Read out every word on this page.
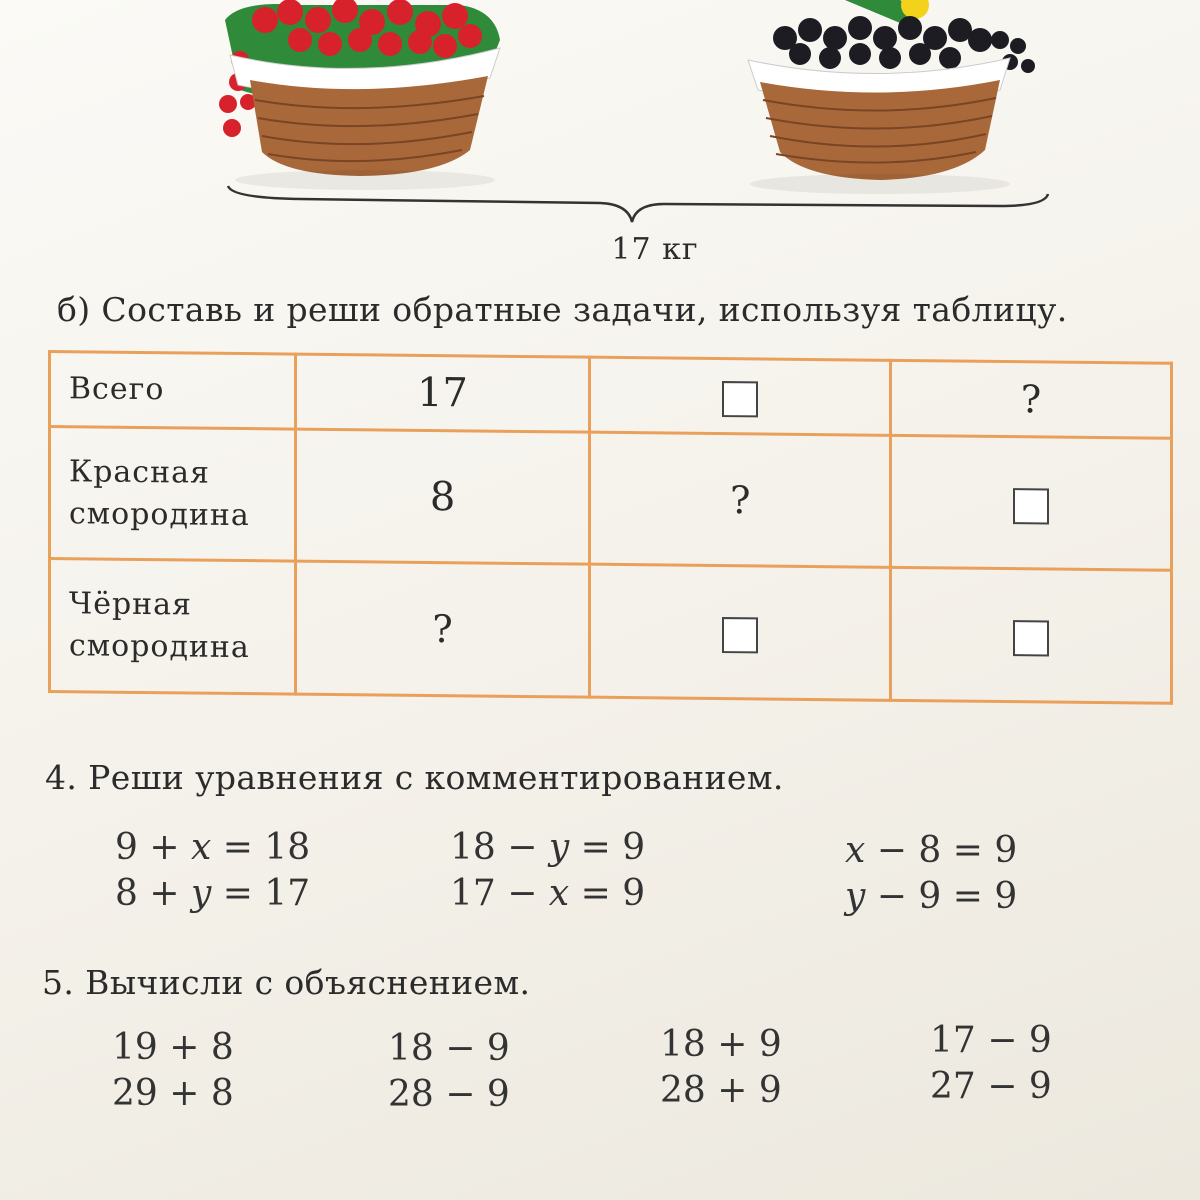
17 кг
б) Составь и реши обратные задачи, используя таблицу.
Всего	17		?

Красная
смородина	8	?	

Чёрная
смородина	?		
4. Реши уравнения с комментированием.
9 + x = 18
8 + y = 17
18 − y = 9
17 − x = 9
x − 8 = 9
y − 9 = 9
5. Вычисли с объяснением.
19 + 8
29 + 8
18 − 9
28 − 9
18 + 9
28 + 9
17 − 9
27 − 9
